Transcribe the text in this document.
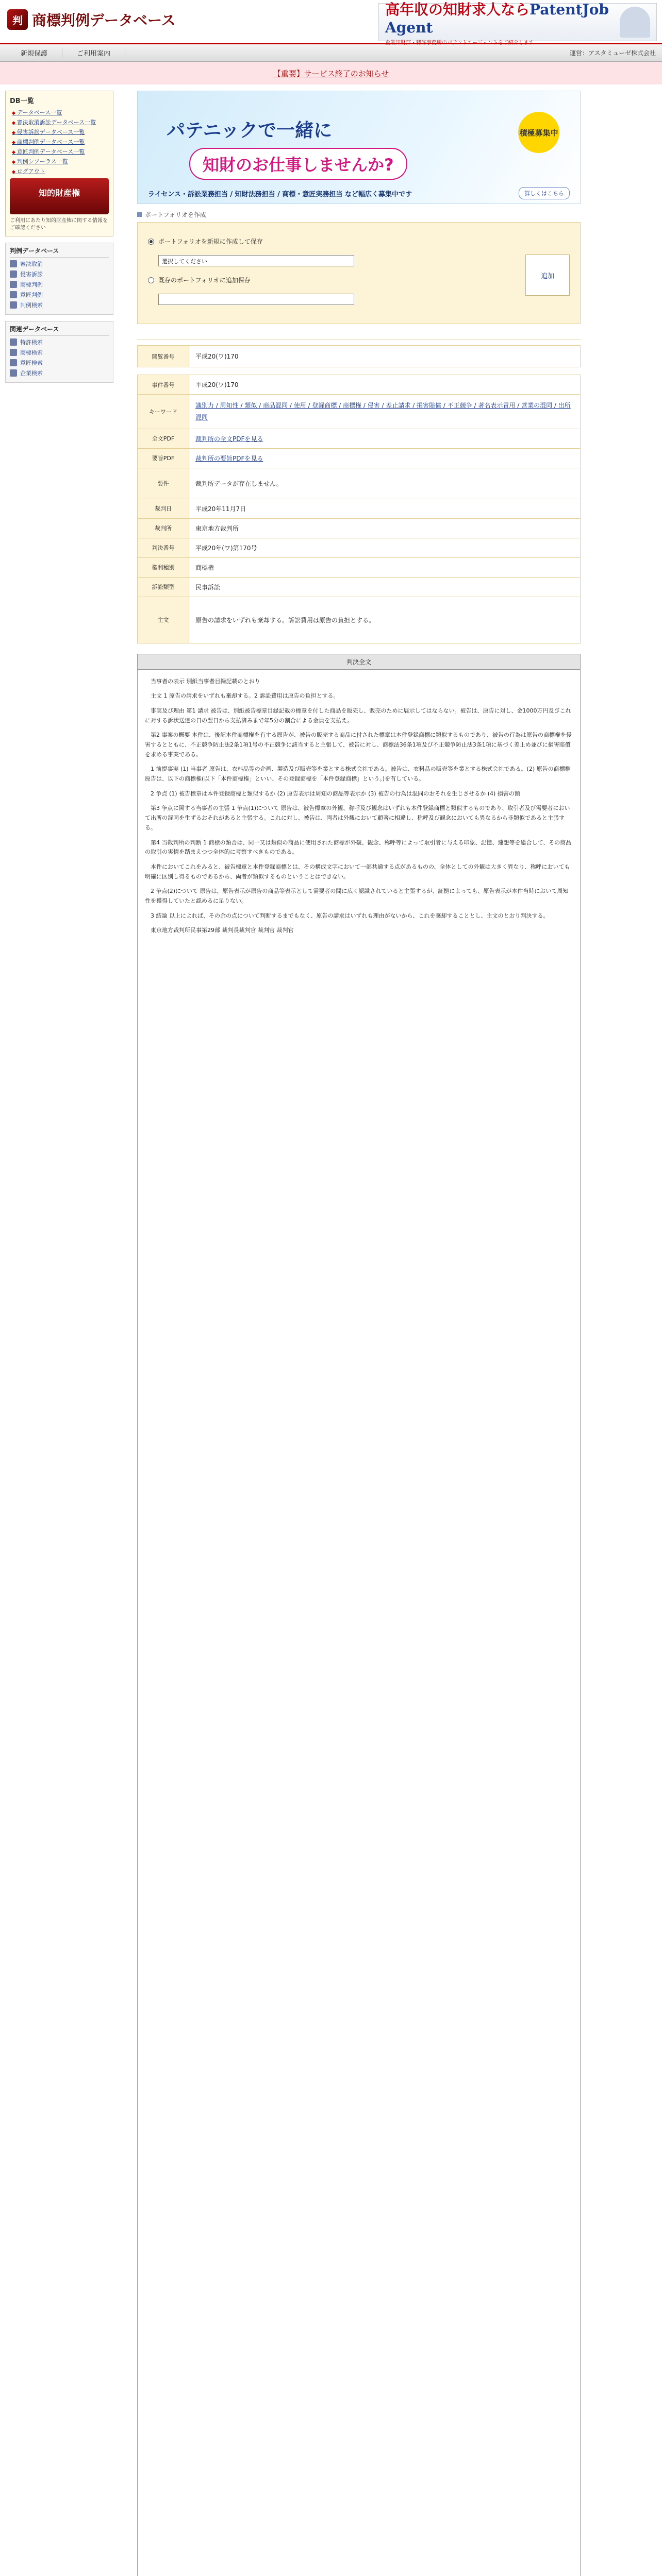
判 商標判例データベース
高年収の知財求人ならPatentJob Agent
企業知財部・特許事務所のパテントエージェントをご紹介します
新規保護	ご利用案内	運営：アスタミューゼ株式会社
【重要】サービス終了のお知らせ
DB一覧
◆ データベース一覧
◆ 審決取消訴訟データベース一覧
◆ 侵害訴訟データベース一覧
◆ 商標判例データベース一覧
◆ 意匠判例データベース一覧
◆ 判例シソーラス一覧
◆ ログアウト
知的財産権
ご利用にあたり知的財産権に関する情報をご確認ください
判例データベース
審決取消
侵害訴訟
商標判例
意匠判例
判例検索
関連データベース
特許検索
商標検索
意匠検索
企業検索
パテニックで一緒に
知財のお仕事しませんか?
積極募集中
ライセンス・訴訟業務担当 / 知財法務担当 / 商標・意匠実務担当 など幅広く募集中です	詳しくはこちら
ポートフォリオを作成
ポートフォリオを新規に作成して保存
選択してください
既存のポートフォリオに追加保存
追加
閲覧番号	平成20(ワ)170
事件番号	平成20(ワ)170
キーワード	識別力 / 周知性 / 類似 / 商品混同 / 使用 / 登録商標 / 商標権 / 侵害 / 差止請求 / 損害賠償 / 不正競争 / 著名表示冒用 / 営業の混同 / 出所混同
全文PDF	裁判所の全文PDFを見る
要旨PDF	裁判所の要旨PDFを見る
要件	裁判所データが存在しません。
裁判日	平成20年11月7日
裁判所	東京地方裁判所
判決番号	平成20年(ワ)第170号
権利種別	商標権
訴訟類型	民事訴訟
主文	原告の請求をいずれも棄却する。訴訟費用は原告の負担とする。
判決全文

当事者の表示 別紙当事者目録記載のとおり

主文 1 原告の請求をいずれも棄却する。2 訴訟費用は原告の負担とする。

事実及び理由 第1 請求 被告は、別紙被告標章目録記載の標章を付した商品を販売し、販売のために展示してはならない。被告は、原告に対し、金1000万円及びこれに対する訴状送達の日の翌日から支払済みまで年5分の割合による金員を支払え。

第2 事案の概要 本件は、後記本件商標権を有する原告が、被告の販売する商品に付された標章は本件登録商標に類似するものであり、被告の行為は原告の商標権を侵害するとともに、不正競争防止法2条1項1号の不正競争に該当すると主張して、被告に対し、商標法36条1項及び不正競争防止法3条1項に基づく差止め並びに損害賠償を求める事案である。

1 前提事実 (1) 当事者 原告は、衣料品等の企画、製造及び販売等を業とする株式会社である。被告は、衣料品の販売等を業とする株式会社である。(2) 原告の商標権 原告は、以下の商標権(以下「本件商標権」といい、その登録商標を「本件登録商標」という。)を有している。

2 争点 (1) 被告標章は本件登録商標と類似するか (2) 原告表示は周知の商品等表示か (3) 被告の行為は混同のおそれを生じさせるか (4) 損害の額

第3 争点に関する当事者の主張 1 争点(1)について 原告は、被告標章の外観、称呼及び観念はいずれも本件登録商標と類似するものであり、取引者及び需要者において出所の混同を生ずるおそれがあると主張する。これに対し、被告は、両者は外観において顕著に相違し、称呼及び観念においても異なるから非類似であると主張する。

第4 当裁判所の判断 1 商標の類否は、同一又は類似の商品に使用された商標が外観、観念、称呼等によって取引者に与える印象、記憶、連想等を総合して、その商品の取引の実情を踏まえつつ全体的に考察すべきものである。

本件においてこれをみると、被告標章と本件登録商標とは、その構成文字において一部共通する点があるものの、全体としての外観は大きく異なり、称呼においても明確に区別し得るものであるから、両者が類似するものということはできない。

2 争点(2)について 原告は、原告表示が原告の商品等表示として需要者の間に広く認識されていると主張するが、証拠によっても、原告表示が本件当時において周知性を獲得していたと認めるに足りない。

3 結論 以上によれば、その余の点について判断するまでもなく、原告の請求はいずれも理由がないから、これを棄却することとし、主文のとおり判決する。

東京地方裁判所民事第29部 裁判長裁判官 裁判官 裁判官
